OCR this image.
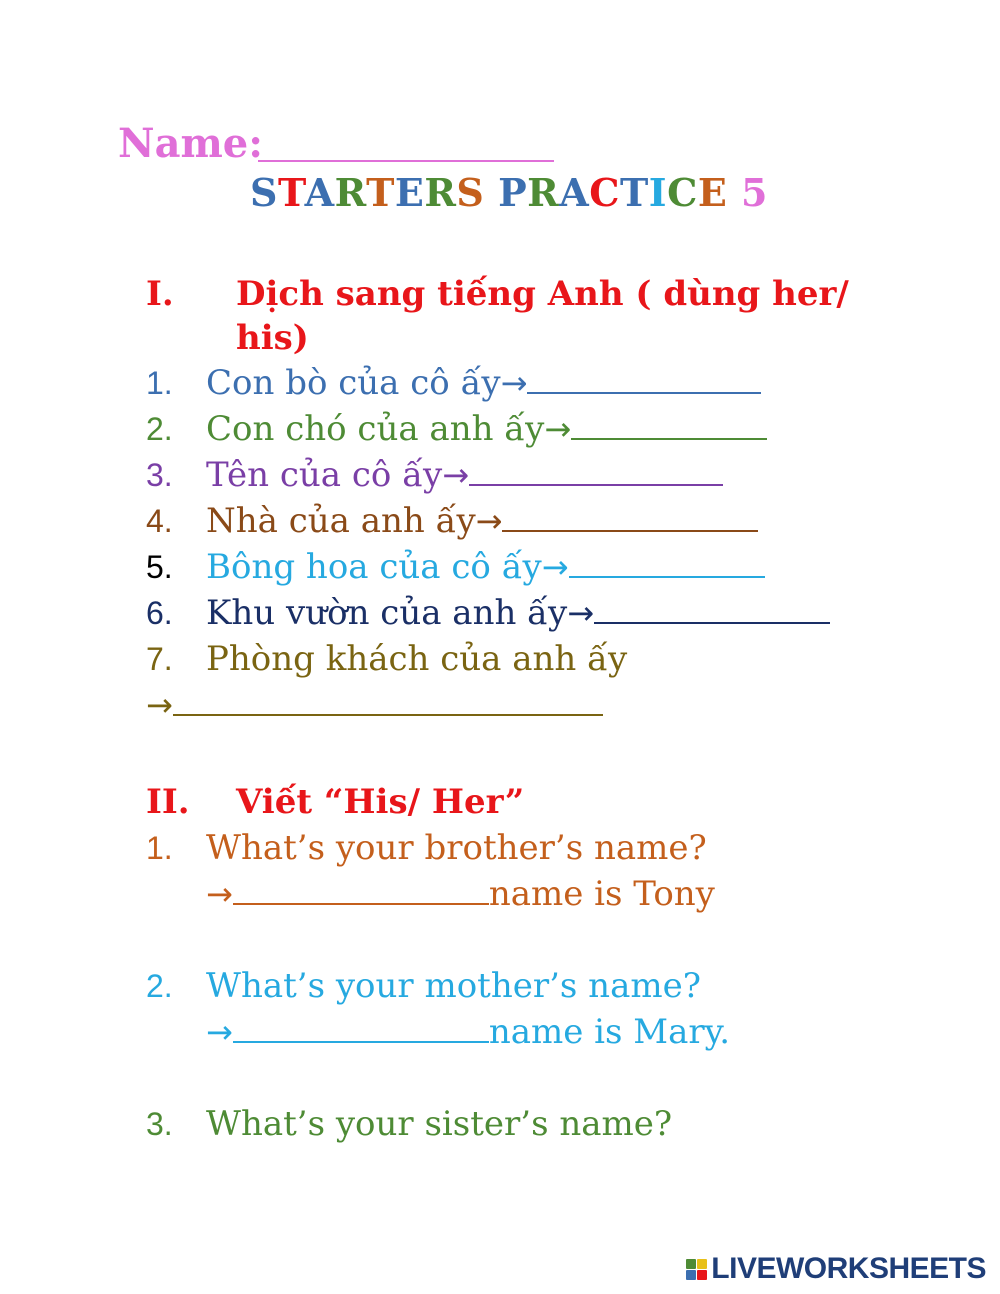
Name:
STARTERS PRACTICE 5
I. Dịch sang tiếng Anh ( dùng her/
his)
1. Con bò của cô ấy→
2. Con chó của anh ấy→
3. Tên của cô ấy→
4. Nhà của anh ấy→
5. Bông hoa của cô ấy→
6. Khu vườn của anh ấy→
7. Phòng khách của anh ấy
→
II. Viết “His/ Her”
1. What’s your brother’s name?
→	name is Tony
2. What’s your mother’s name?
→	name is Mary.
3. What’s your sister’s name?
LIVEWORKSHEETS
